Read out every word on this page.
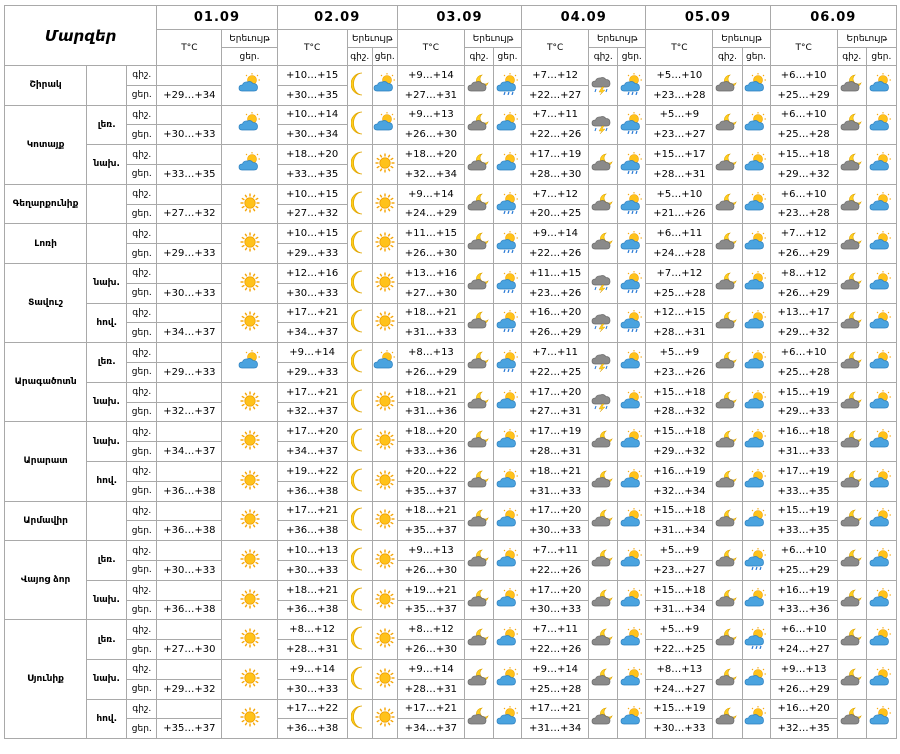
Մարզեր			01.09		02.09			03.09			04.09			05.09			06.09		
			T°C	Երեւույթ	T°C	Երեւույթ		T°C	Երեւույթ		T°C	Երեւույթ		T°C	Երեւույթ		T°C	Երեւույթ	
				ցեր.		գիշ.	ցեր.		գիշ.	ցեր.		գիշ.	ցեր.		գիշ.	ցեր.		գիշ.	ցեր.
Շիրակ		գիշ.			+10…+15			+9…+14			+7…+12			+5…+10			+6…+10		
		ցեր.	+29…+34		+30…+35			+27…+31			+22…+27			+23…+28			+25…+29		
Կոտայք	լեռ.	գիշ.			+10…+14			+9…+13			+7…+11			+5…+9			+6…+10		
		ցեր.	+30…+33		+30…+34			+26…+30			+22…+26			+23…+27			+25…+28		
	նախ.	գիշ.			+18…+20			+18…+20			+17…+19			+15…+17			+15…+18		
		ցեր.	+33…+35		+33…+35			+32…+34			+28…+30			+28…+31			+29…+32		
Գեղարքունիք		գիշ.			+10…+15			+9…+14			+7…+12			+5…+10			+6…+10		
		ցեր.	+27…+32		+27…+32			+24…+29			+20…+25			+21…+26			+23…+28		
Լոռի		գիշ.			+10…+15			+11…+15			+9…+14			+6…+11			+7…+12		
		ցեր.	+29…+33		+29…+33			+26…+30			+22…+26			+24…+28			+26…+29		
Տավուշ	նախ.	գիշ.			+12…+16			+13…+16			+11…+15			+7…+12			+8…+12		
		ցեր.	+30…+33		+30…+33			+27…+30			+23…+26			+25…+28			+26…+29		
	հով.	գիշ.			+17…+21			+18…+21			+16…+20			+12…+15			+13…+17		
		ցեր.	+34…+37		+34…+37			+31…+33			+26…+29			+28…+31			+29…+32		
Արագածոտն	լեռ.	գիշ.			+9…+14			+8…+13			+7…+11			+5…+9			+6…+10		
		ցեր.	+29…+33		+29…+33			+26…+29			+22…+25			+23…+26			+25…+28		
	նախ.	գիշ.			+17…+21			+18…+21			+17…+20			+15…+18			+15…+19		
		ցեր.	+32…+37		+32…+37			+31…+36			+27…+31			+28…+32			+29…+33		
Արարատ	նախ.	գիշ.			+17…+20			+18…+20			+17…+19			+15…+18			+16…+18		
		ցեր.	+34…+37		+34…+37			+33…+36			+28…+31			+29…+32			+31…+33		
	հով.	գիշ.			+19…+22			+20…+22			+18…+21			+16…+19			+17…+19		
		ցեր.	+36…+38		+36…+38			+35…+37			+31…+33			+32…+34			+33…+35		
Արմավիր		գիշ.			+17…+21			+18…+21			+17…+20			+15…+18			+15…+19		
		ցեր.	+36…+38		+36…+38			+35…+37			+30…+33			+31…+34			+33…+35		
Վայոց ձոր	լեռ.	գիշ.			+10…+13			+9…+13			+7…+11			+5…+9			+6…+10		
		ցեր.	+30…+33		+30…+33			+26…+30			+22…+26			+23…+27			+25…+29		
	նախ.	գիշ.			+18…+21			+19…+21			+17…+20			+15…+18			+16…+19		
		ցեր.	+36…+38		+36…+38			+35…+37			+30…+33			+31…+34			+33…+36		
Սյունիք	լեռ.	գիշ.			+8…+12			+8…+12			+7…+11			+5…+9			+6…+10		
		ցեր.	+27…+30		+28…+31			+26…+30			+22…+26			+22…+25			+24…+27		
	նախ.	գիշ.			+9…+14			+9…+14			+9…+14			+8…+13			+9…+13		
		ցեր.	+29…+32		+30…+33			+28…+31			+25…+28			+24…+27			+26…+29		
	հով.	գիշ.			+17…+22			+17…+21			+17…+21			+15…+19			+16…+20		
		ցեր.	+35…+37		+36…+38			+34…+37			+31…+34			+30…+33			+32…+35		
